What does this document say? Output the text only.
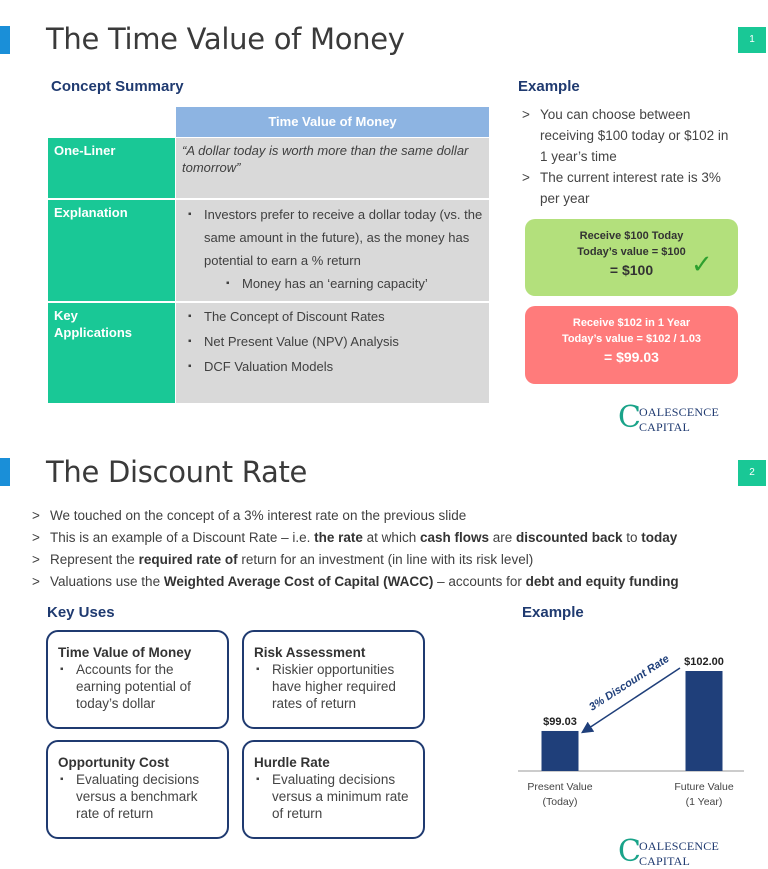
The Time Value of Money	1
Concept Summary
Time Value of Money
One-Liner	“A dollar today is worth more than the same dollar tomorrow”
Explanation
▪	Investors prefer to receive a dollar today (vs. the same amount in the future), as the money has potential to earn a % return
▪ Money has an ‘earning capacity’
Key Applications
▪ The Concept of Discount Rates
▪ Net Present Value (NPV) Analysis
▪ DCF Valuation Models
Example
> You can choose between receiving $100 today or $102 in 1 year’s time
> The current interest rate is 3% per year
Receive $100 Today
Today’s value = $100
= $100	✓
Receive $102 in 1 Year
Today’s value = $102 / 1.03
= $99.03
C
OALESCENCE CAPITAL
The Discount Rate	2
> We touched on the concept of a 3% interest rate on the previous slide
> This is an example of a Discount Rate – i.e. the rate at which cash flows are discounted back to today
> Represent the required rate of return for an investment (in line with its risk level)
> Valuations use the Weighted Average Cost of Capital (WACC) – accounts for debt and equity funding
Key Uses
Time Value of Money
▪ Accounts for the earning potential of today’s dollar
Risk Assessment
▪ Riskier opportunities have higher required rates of return
Opportunity Cost
▪ Evaluating decisions versus a benchmark rate of return
Hurdle Rate
▪ Evaluating decisions versus a minimum rate of return
Example
$99.03
Present Value
(Today)
$102.00
Future Value
(1 Year)
3% Discount Rate
C
OALESCENCE CAPITAL
